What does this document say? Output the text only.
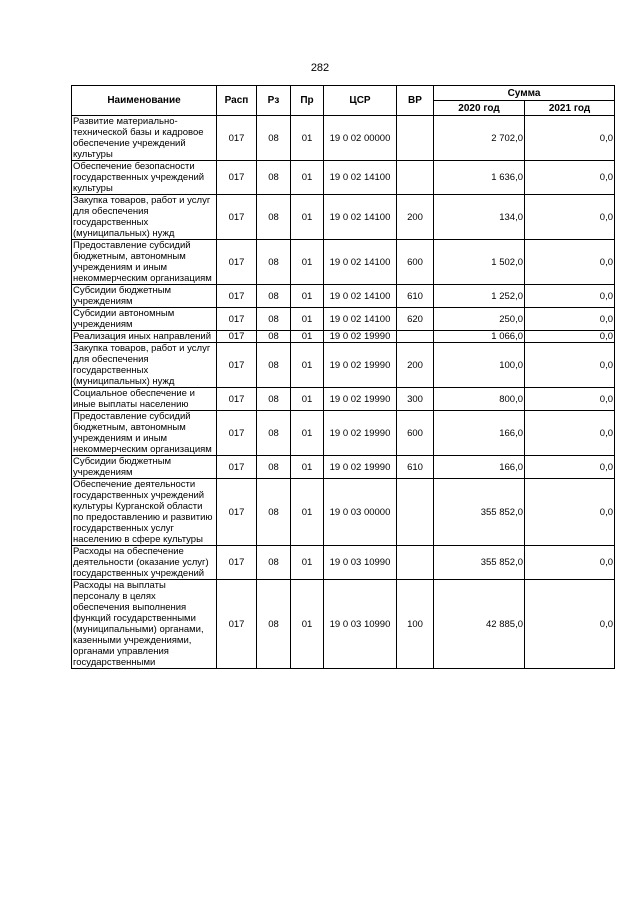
282
Наименование	Расп	Рз	Пр	ЦСР	ВР	Сумма	
						2020 год	2021 год
Развитие материально-технической базы и кадровое обеспечение учреждений культуры	017	08	01	19 0 02 00000		2 702,0	0,0
Обеспечение безопасности государственных учреждений культуры	017	08	01	19 0 02 14100		1 636,0	0,0
Закупка товаров, работ и услуг для обеспечения государственных (муниципальных) нужд	017	08	01	19 0 02 14100	200	134,0	0,0
Предоставление субсидий бюджетным, автономным учреждениям и иным некоммерческим организациям	017	08	01	19 0 02 14100	600	1 502,0	0,0
Субсидии бюджетным учреждениям	017	08	01	19 0 02 14100	610	1 252,0	0,0
Субсидии автономным учреждениям	017	08	01	19 0 02 14100	620	250,0	0,0
Реализация иных направлений	017	08	01	19 0 02 19990		1 066,0	0,0
Закупка товаров, работ и услуг для обеспечения государственных (муниципальных) нужд	017	08	01	19 0 02 19990	200	100,0	0,0
Социальное обеспечение и иные выплаты населению	017	08	01	19 0 02 19990	300	800,0	0,0
Предоставление субсидий бюджетным, автономным учреждениям и иным некоммерческим организациям	017	08	01	19 0 02 19990	600	166,0	0,0
Субсидии бюджетным учреждениям	017	08	01	19 0 02 19990	610	166,0	0,0
Обеспечение деятельности государственных учреждений культуры Курганской области по предоставлению и развитию государственных услуг населению в сфере культуры	017	08	01	19 0 03 00000		355 852,0	0,0
Расходы на обеспечение деятельности (оказание услуг) государственных учреждений	017	08	01	19 0 03 10990		355 852,0	0,0
Расходы на выплаты персоналу в целях обеспечения выполнения функций государственными (муниципальными) органами, казенными учреждениями, органами управления государственными	017	08	01	19 0 03 10990	100	42 885,0	0,0
